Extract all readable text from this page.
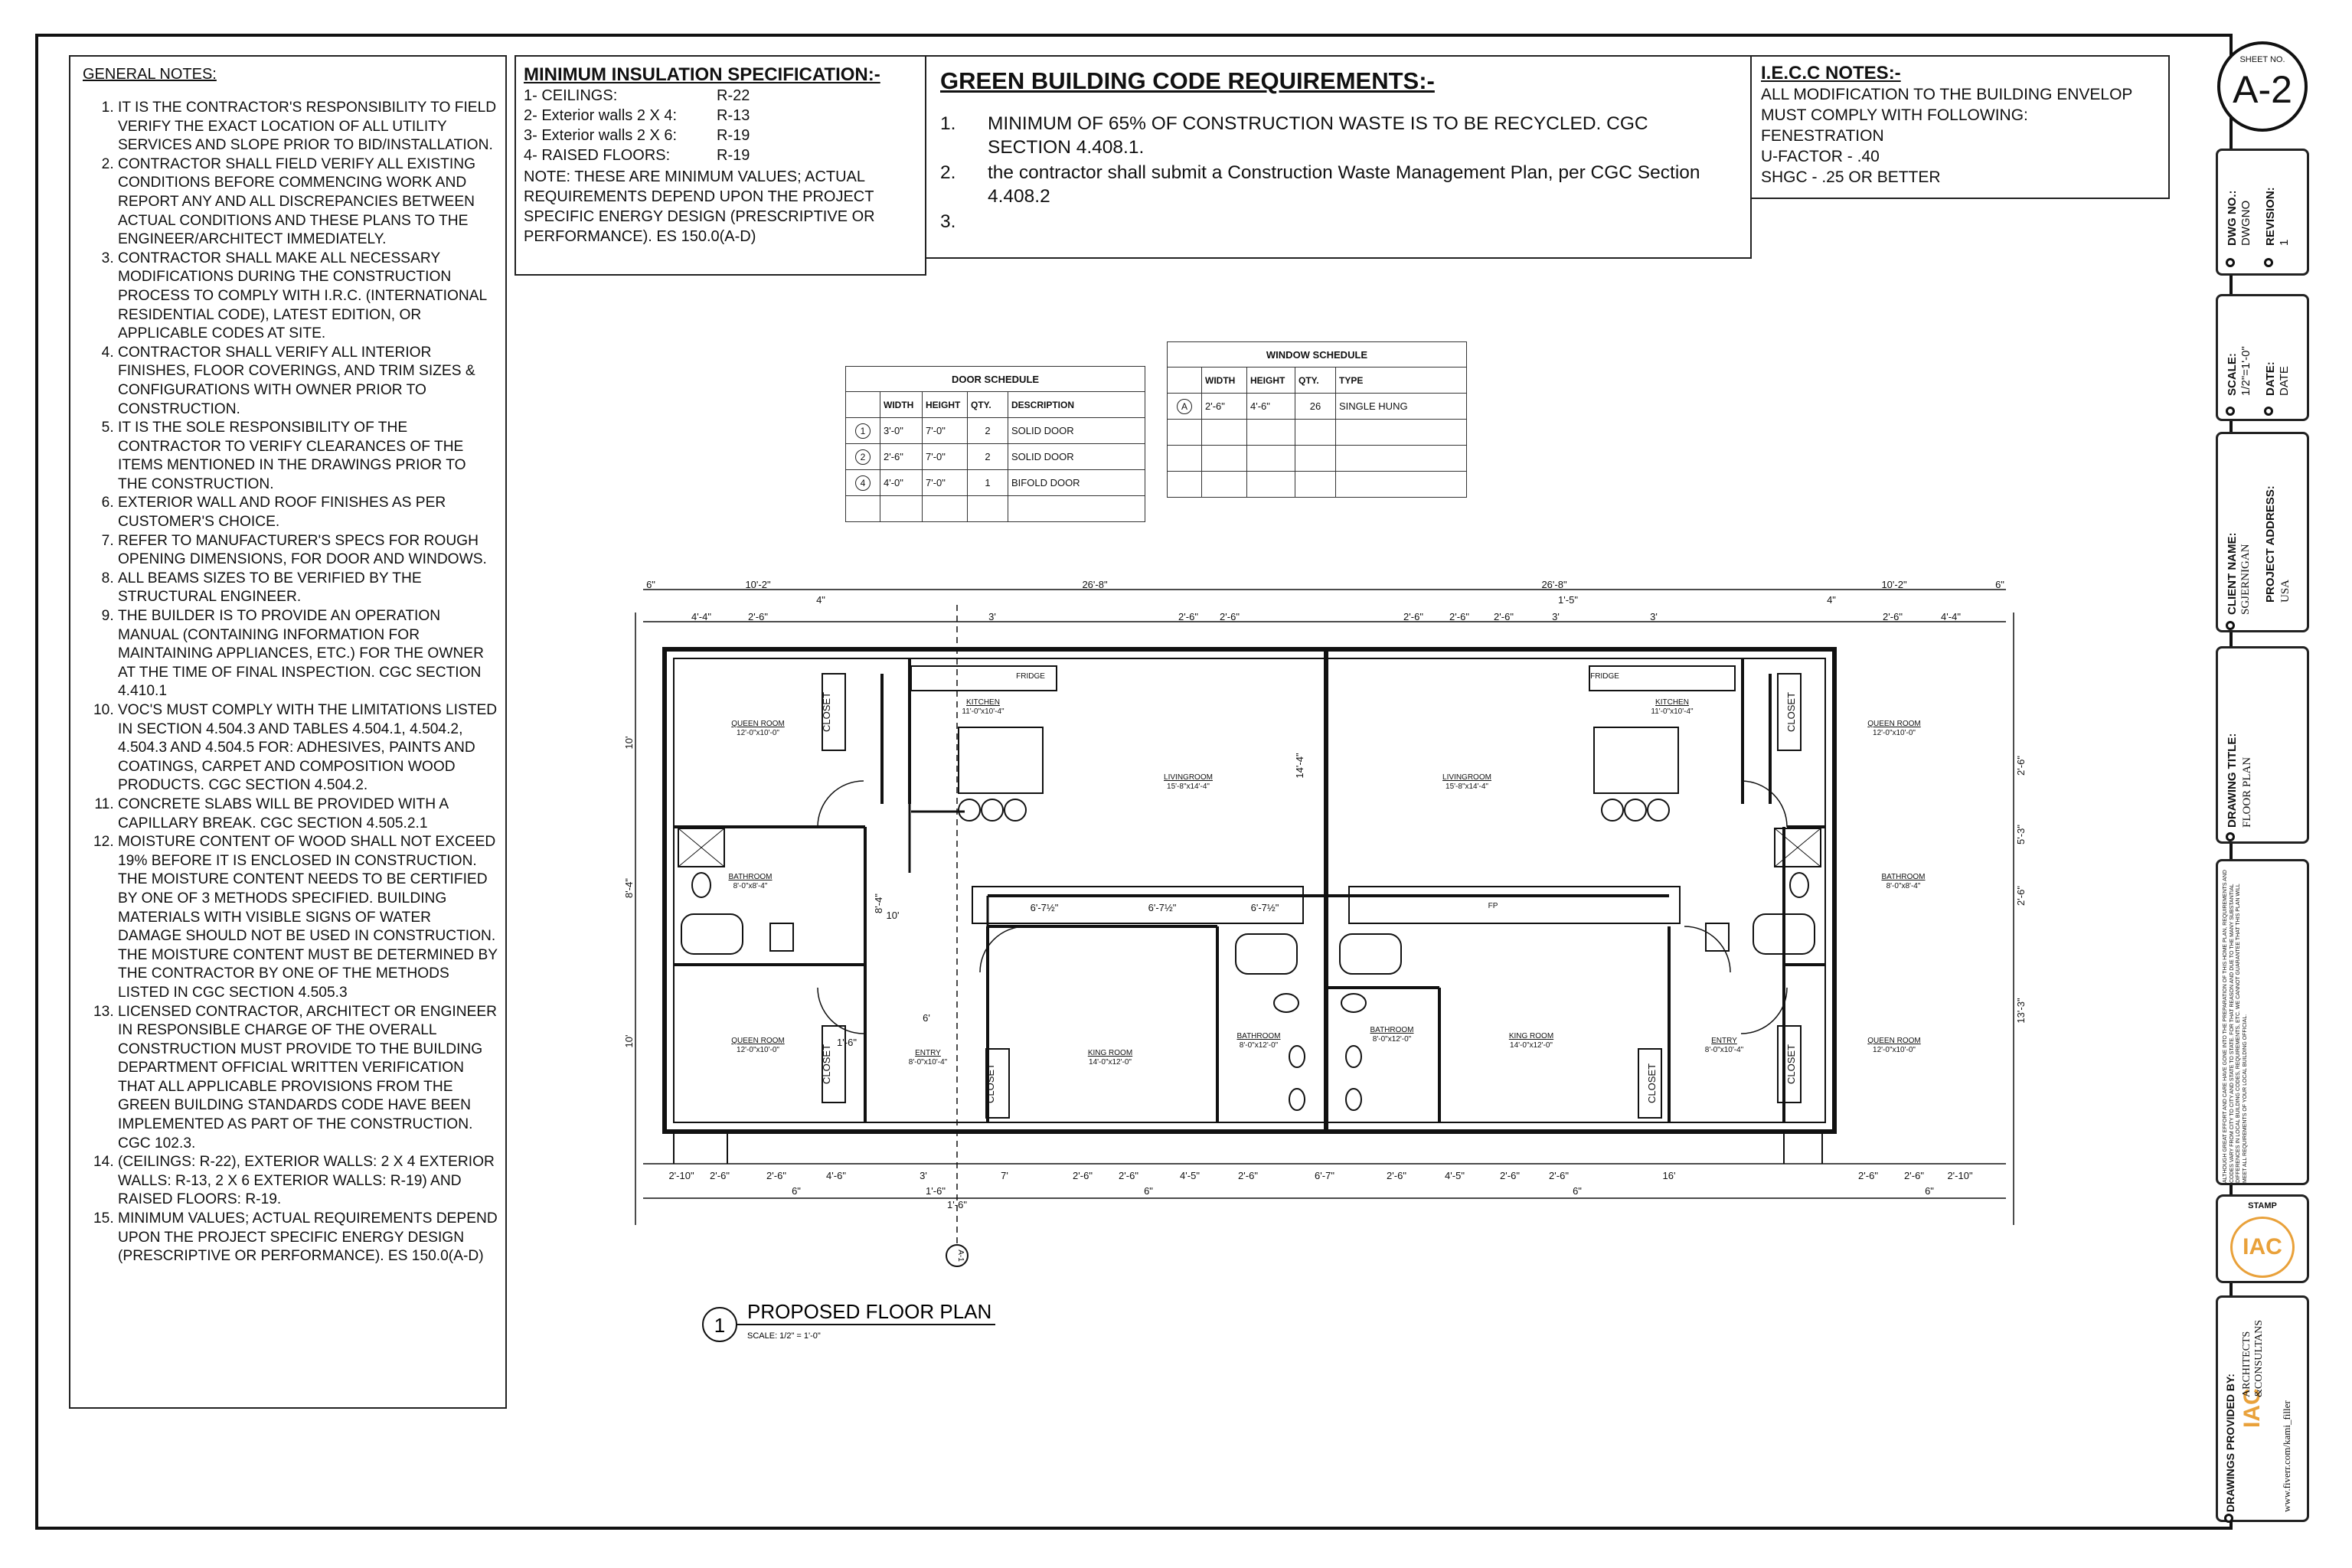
GENERAL NOTES:
1. IT IS THE CONTRACTOR'S RESPONSIBILITY TO FIELD VERIFY THE EXACT LOCATION OF ALL UTILITY SERVICES AND SLOPE PRIOR TO BID/INSTALLATION.
2. CONTRACTOR SHALL FIELD VERIFY ALL EXISTING CONDITIONS BEFORE COMMENCING WORK AND REPORT ANY AND ALL DISCREPANCIES BETWEEN ACTUAL CONDITIONS AND THESE PLANS TO THE ENGINEER/ARCHITECT IMMEDIATELY.
3. CONTRACTOR SHALL MAKE ALL NECESSARY MODIFICATIONS DURING THE CONSTRUCTION PROCESS TO COMPLY WITH I.R.C. (INTERNATIONAL RESIDENTIAL CODE), LATEST EDITION, OR APPLICABLE CODES AT SITE.
4. CONTRACTOR SHALL VERIFY ALL INTERIOR FINISHES, FLOOR COVERINGS, AND TRIM SIZES & CONFIGURATIONS WITH OWNER PRIOR TO CONSTRUCTION.
5. IT IS THE SOLE RESPONSIBILITY OF THE CONTRACTOR TO VERIFY CLEARANCES OF THE ITEMS MENTIONED IN THE DRAWINGS PRIOR TO THE CONSTRUCTION.
6. EXTERIOR WALL AND ROOF FINISHES AS PER CUSTOMER'S CHOICE.
7. REFER TO MANUFACTURER'S SPECS FOR ROUGH OPENING DIMENSIONS, FOR DOOR AND WINDOWS.
8. ALL BEAMS SIZES TO BE VERIFIED BY THE STRUCTURAL ENGINEER.
9. THE BUILDER IS TO PROVIDE AN OPERATION MANUAL (CONTAINING INFORMATION FOR MAINTAINING APPLIANCES, ETC.) FOR THE OWNER AT THE TIME OF FINAL INSPECTION. CGC SECTION 4.410.1
10. VOC'S MUST COMPLY WITH THE LIMITATIONS LISTED IN SECTION 4.504.3 AND TABLES 4.504.1, 4.504.2, 4.504.3 AND 4.504.5 FOR: ADHESIVES, PAINTS AND COATINGS, CARPET AND COMPOSITION WOOD PRODUCTS. CGC SECTION 4.504.2.
11. CONCRETE SLABS WILL BE PROVIDED WITH A CAPILLARY BREAK. CGC SECTION 4.505.2.1
12. MOISTURE CONTENT OF WOOD SHALL NOT EXCEED 19% BEFORE IT IS ENCLOSED IN CONSTRUCTION. THE MOISTURE CONTENT NEEDS TO BE CERTIFIED BY ONE OF 3 METHODS SPECIFIED. BUILDING MATERIALS WITH VISIBLE SIGNS OF WATER DAMAGE SHOULD NOT BE USED IN CONSTRUCTION. THE MOISTURE CONTENT MUST BE DETERMINED BY THE CONTRACTOR BY ONE OF THE METHODS LISTED IN CGC SECTION 4.505.3
13. LICENSED CONTRACTOR, ARCHITECT OR ENGINEER IN RESPONSIBLE CHARGE OF THE OVERALL CONSTRUCTION MUST PROVIDE TO THE BUILDING DEPARTMENT OFFICIAL WRITTEN VERIFICATION THAT ALL APPLICABLE PROVISIONS FROM THE GREEN BUILDING STANDARDS CODE HAVE BEEN IMPLEMENTED AS PART OF THE CONSTRUCTION. CGC 102.3.
14. (CEILINGS: R-22), EXTERIOR WALLS: 2 X 4 EXTERIOR WALLS: R-13, 2 X 6 EXTERIOR WALLS: R-19) AND RAISED FLOORS: R-19.
15. MINIMUM VALUES; ACTUAL REQUIREMENTS DEPEND UPON THE PROJECT SPECIFIC ENERGY DESIGN (PRESCRIPTIVE OR PERFORMANCE). ES 150.0(A-D)
MINIMUM INSULATION SPECIFICATION:-
1- CEILINGS:	R-22
2- Exterior walls 2 X 4:	R-13
3- Exterior walls 2 X 6:	R-19
4- RAISED FLOORS:	R-19
NOTE: THESE ARE MINIMUM VALUES; ACTUAL REQUIREMENTS DEPEND UPON THE PROJECT SPECIFIC ENERGY DESIGN (PRESCRIPTIVE OR PERFORMANCE). ES 150.0(A-D)
GREEN BUILDING CODE REQUIREMENTS:-
1.	MINIMUM OF 65% OF CONSTRUCTION WASTE IS TO BE RECYCLED. CGC SECTION 4.408.1.
2.	the contractor shall submit a Construction Waste Management Plan, per CGC Section 4.408.2
3.
I.E.C.C NOTES:-
ALL MODIFICATION TO THE BUILDING ENVELOP
MUST COMPLY WITH FOLLOWING:
FENESTRATION
U-FACTOR - .40
SHGC - .25 OR BETTER
DOOR SCHEDULE				
	WIDTH	HEIGHT	QTY.	DESCRIPTION
1	3'-0"	7'-0"	2	SOLID DOOR
2	2'-6"	7'-0"	2	SOLID DOOR
4	4'-0"	7'-0"	1	BIFOLD DOOR

WINDOW SCHEDULE				
	WIDTH	HEIGHT	QTY.	TYPE
A	2'-6"	4'-6"	26	SINGLE HUNG

QUEEN ROOM
12'-0"x10'-0"
KITCHEN
11'-0"x10'-4"
LIVINGROOM
15'-8"x14'-4"
BATHROOM
8'-0"x8'-4"
QUEEN ROOM
12'-0"x10'-0"	ENTRY
8'-0"x10'-4"
KING ROOM
14'-0"x12'-0"
BATHROOM
8'-0"x12'-0"
FRIDGE	FRIDGE
KITCHEN
11'-0"x10'-4"
LIVINGROOM
15'-8"x14'-4"
QUEEN ROOM
12'-0"x10'-0"
BATHROOM
8'-0"x8'-4"
QUEEN ROOM
12'-0"x10'-0"
ENTRY
8'-0"x10'-4"
KING ROOM
14'-0"x12'-0"
BATHROOM
8'-0"x12'-0"
FP
10'-2"	26'-8"	26'-8"	10'-2"
6"	6"
4"	4"
4'-4"	4'-4"
2'-6"	2'-6" 2'-6"	2'-6"	2'-6" 2'-6"	2'-6"
3'	3'	3'
1'-5"
10'
2'-6"	2'-6"
2'-10"	4'-6"	3'	7'	2'-6"	2'-6"	4'-5"	2'-6"	6'-7"	2'-6"	4'-5"	2'-6"	2'-6"	16'	2'-6"	2'-6" 2'-10"
1'-6"
1'-6"
1'-6"
6'
6"	6"	6"	6"
6'-7½"	6'-7½"	6'-7½"
10'
8'-4"
10'
14'-4"
5'-3"
13'-3"
2'-6"
2'-6"
8'-4"
CLOSET
CLOSET	CLOSET	CLOSET
CLOSET
CLOSET
A-1
1
PROPOSED FLOOR PLAN
SCALE: 1/2" = 1'-0"
SHEET NO.
A-2
DWG NO.: DWGNO REVISION: 1
SCALE: 1/2"=1'-0" DATE: DATE
CLIENT NAME: SGJERNIGAN PROJECT ADDRESS: USA
DRAWING TITLE: FLOOR PLAN
ALTHOUGH GREAT EFFORT AND CARE HAVE GONE INTO THE PREPARATION OF THIS HOME PLAN, REQUIREMENTS AND CODES VARY FROM CITY TO CITY AND STATE TO STATE. FOR THAT REASON AND DUE TO THE MANY SUBSTANTIAL DIFFERENCES IN LOCAL BUILDING CODES, REQUIREMENTS, ETC. WE CANNOT GUARANTEE THAT THIS PLAN WILL MEET ALL REQUIREMENTS OF YOUR LOCAL BUILDING OFFICIAL.
STAMP
IAC
DRAWINGS PROVIDED BY: IAC
ARCHITECTS &CONSULTANS
www.fiverr.com/kami_filler
